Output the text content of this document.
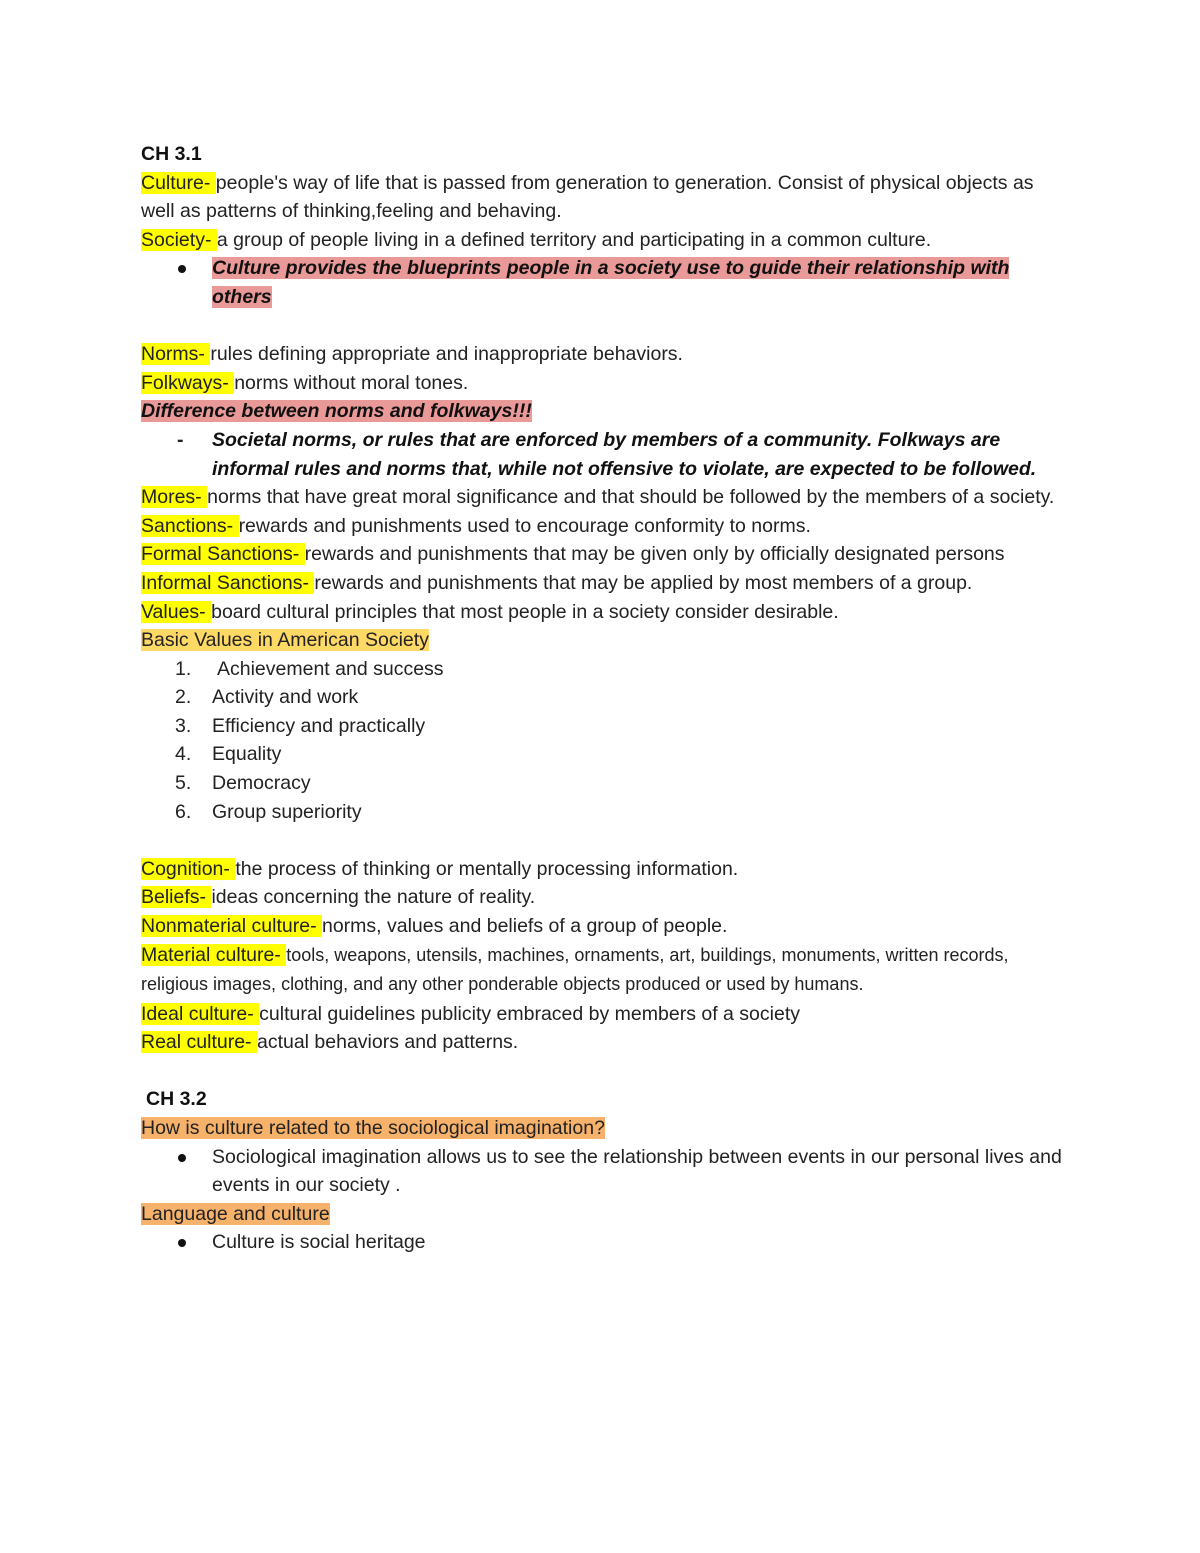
CH 3.1

Culture- people's way of life that is passed from generation to generation. Consist of physical objects as well as patterns of thinking,feeling and behaving.

Society- a group of people living in a defined territory and participating in a common culture.

Culture provides the blueprints people in a society use to guide their relationship with others

Norms- rules defining appropriate and inappropriate behaviors.

Folkways- norms without moral tones.

Difference between norms and folkways!!!

- Societal norms, or rules that are enforced by members of a community. Folkways are informal rules and norms that, while not offensive to violate, are expected to be followed.

Mores- norms that have great moral significance and that should be followed by the members of a society.

Sanctions- rewards and punishments used to encourage conformity to norms.

Formal Sanctions- rewards and punishments that may be given only by officially designated persons

Informal Sanctions- rewards and punishments that may be applied by most members of a group.

Values- board cultural principles that most people in a society consider desirable.

Basic Values in American Society

1. Achievement and success
2. Activity and work
3. Efficiency and practically
4. Equality
5. Democracy
6. Group superiority

Cognition- the process of thinking or mentally processing information.

Beliefs- ideas concerning the nature of reality.

Nonmaterial culture- norms, values and beliefs of a group of people.

Material culture- tools, weapons, utensils, machines, ornaments, art, buildings, monuments, written records, religious images, clothing, and any other ponderable objects produced or used by humans.

Ideal culture- cultural guidelines publicity embraced by members of a society

Real culture- actual behaviors and patterns.

CH 3.2

How is culture related to the sociological imagination?

Sociological imagination allows us to see the relationship between events in our personal lives and events in our society .

Language and culture

Culture is social heritage
